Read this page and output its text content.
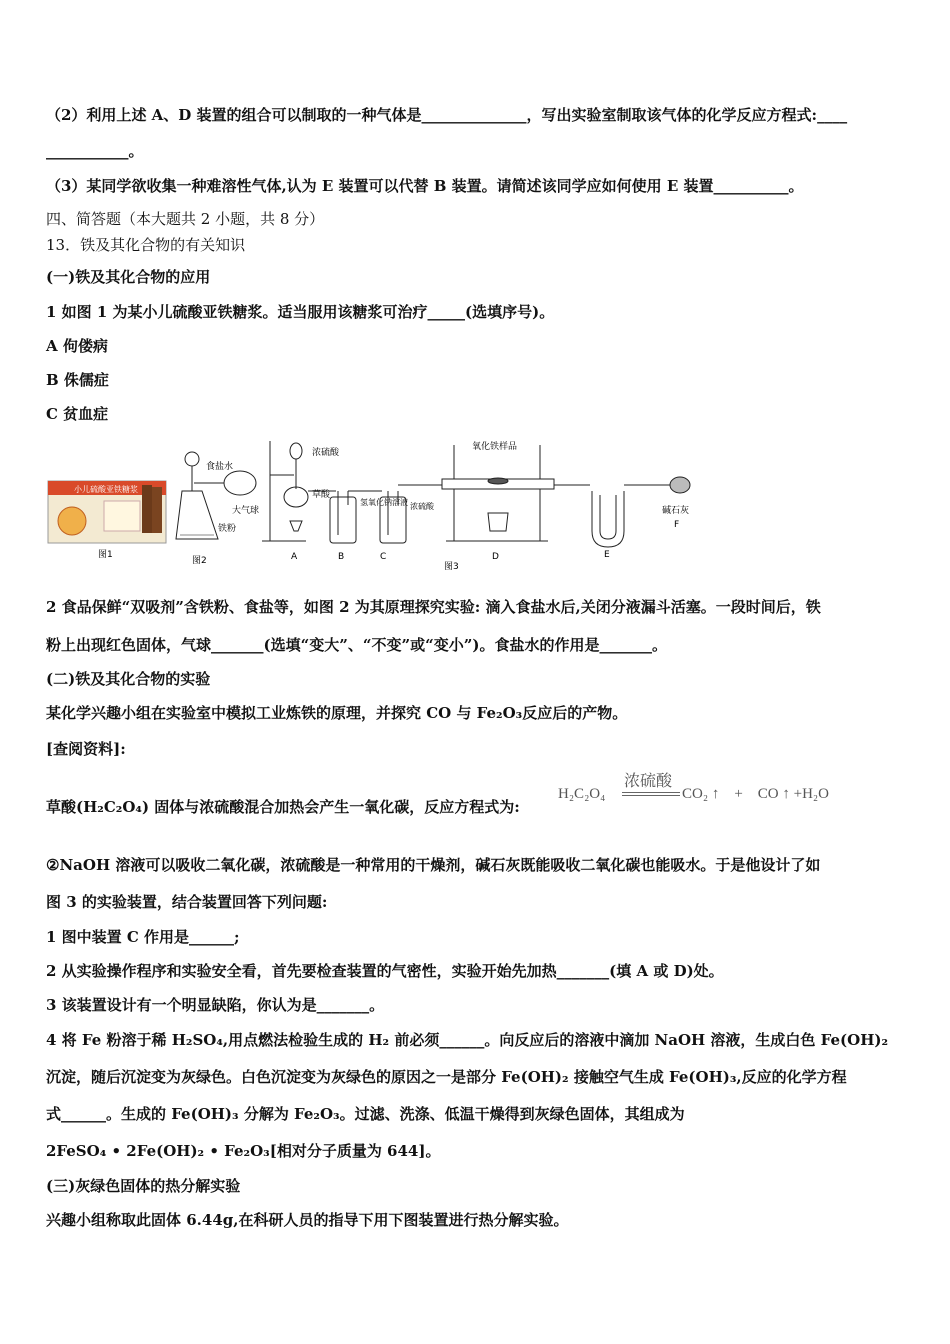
（2）利用上述 A、D 装置的组合可以制取的一种气体是______________，写出实验室制取该气体的化学反应方程式:____
___________。
（3）某同学欲收集一种难溶性气体,认为 E 装置可以代替 B 装置。请简述该同学应如何使用 E 装置__________。
四、简答题（本大题共 2 小题，共 8 分）
13．铁及其化合物的有关知识
(一)铁及其化合物的应用
1 如图 1 为某小儿硫酸亚铁糖浆。适当服用该糖浆可治疗_____(选填序号)。
A 佝偻病
B 侏儒症
C 贫血症
小儿硫酸亚铁糖浆
图1
食盐水
大气球
铁粉
图2
浓硫酸
草酸
A	B
氢氧化钠溶液
C
浓硫酸
氧化铁样品
D	E
碱石灰
F
图3
2 食品保鲜“双吸剂”含铁粉、食盐等，如图 2 为其原理探究实验: 滴入食盐水后,关闭分液漏斗活塞。一段时间后，铁
粉上出现红色固体，气球_______(选填“变大”、“不变”或“变小”)。食盐水的作用是_______。
(二)铁及其化合物的实验
某化学兴趣小组在实验室中模拟工业炼铁的原理，并探究 CO 与 Fe₂O₃反应后的产物。
[查阅资料]:
草酸(H₂C₂O₄) 固体与浓硫酸混合加热会产生一氧化碳，反应方程式为:
H₂C₂O₄
浓硫酸
CO₂ ↑    +    CO ↑ +H₂O
②NaOH 溶液可以吸收二氧化碳，浓硫酸是一种常用的干燥剂，碱石灰既能吸收二氧化碳也能吸水。于是他设计了如
图 3 的实验装置，结合装置回答下列问题:
1 图中装置 C 作用是______;
2 从实验操作程序和实验安全看，首先要检查装置的气密性，实验开始先加热_______(填 A 或 D)处。
3 该装置设计有一个明显缺陷，你认为是_______。
4 将 Fe 粉溶于稀 H₂SO₄,用点燃法检验生成的 H₂ 前必须______。向反应后的溶液中滴加 NaOH 溶液，生成白色 Fe(OH)₂
沉淀，随后沉淀变为灰绿色。白色沉淀变为灰绿色的原因之一是部分 Fe(OH)₂ 接触空气生成 Fe(OH)₃,反应的化学方程
式______。生成的 Fe(OH)₃ 分解为 Fe₂O₃。过滤、洗涤、低温干燥得到灰绿色固体，其组成为
2FeSO₄ • 2Fe(OH)₂ • Fe₂O₃[相对分子质量为 644]。
(三)灰绿色固体的热分解实验
兴趣小组称取此固体 6.44g,在科研人员的指导下用下图装置进行热分解实验。
